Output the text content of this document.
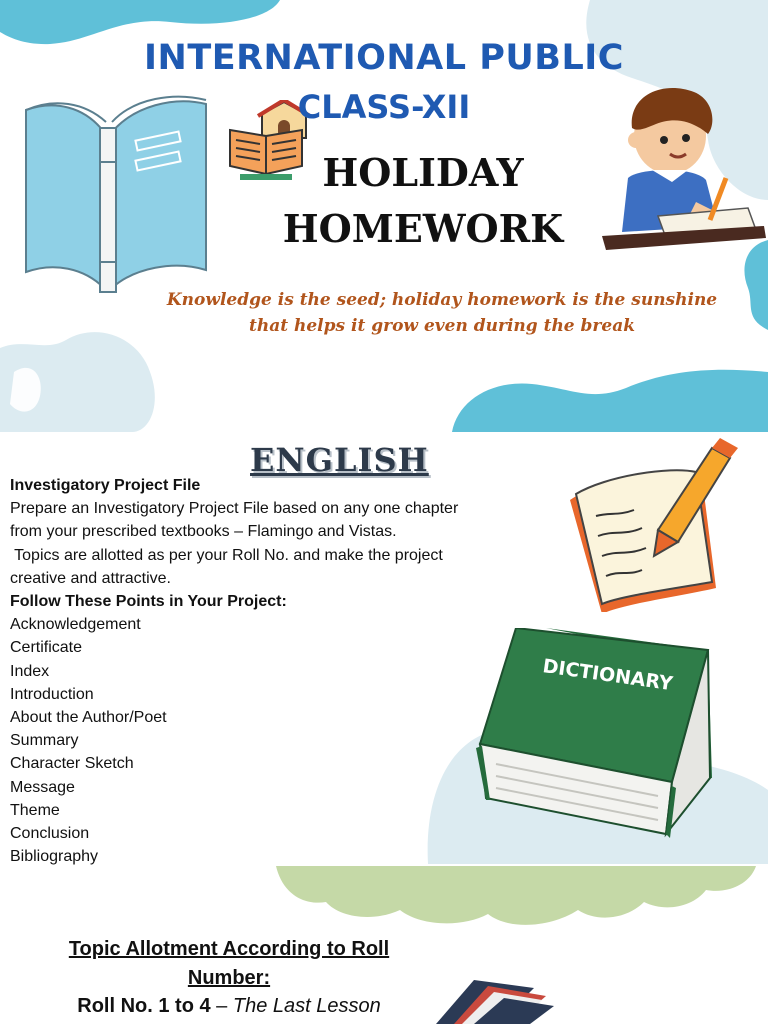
DICTIONARY
INTERNATIONAL PUBLIC
CLASS-XII
HOLIDAY
HOMEWORK
Knowledge is the seed; holiday homework is the sunshine
that helps it grow even during the break
ENGLISH
Investigatory Project File
Prepare an Investigatory Project File based on any one chapter
from your prescribed textbooks – Flamingo and Vistas.
Topics are allotted as per your Roll No. and make the project
creative and attractive.
Follow These Points in Your Project:
Acknowledgement
Certificate
Index
Introduction
About the Author/Poet
Summary
Character Sketch
Message
Theme
Conclusion
Bibliography
Topic Allotment According to Roll
Number:
Roll No. 1 to 4 – The Last Lesson
